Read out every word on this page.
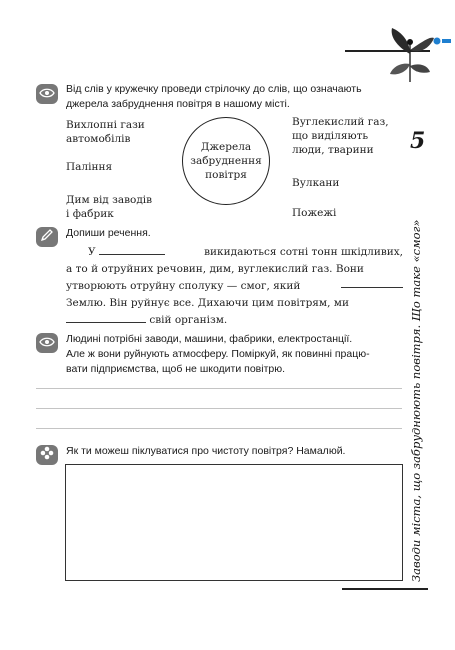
5
Заводи міста, що забруднюють повітря. Що таке «смог»
Від слів у кружечку проведи стрілочку до слів, що означають
джерела забруднення повітря в нашому місті.
Вихлопні гази
автомобілів
Паління
Дим від заводів
і фабрик
Джерела
забруднення
повітря
Вуглекислий газ,
що виділяють
люди, тварини
Вулкани
Пожежі
Допиши речення.
У	викидаються сотні тонн шкідливих,
а то й отруйних речовин, дим, вуглекислий газ. Вони
утворюють отруйну сполуку — смог, який
Землю. Він руйнує все. Дихаючи цим повітрям, ми
свій організм.
Людині потрібні заводи, машини, фабрики, електростанції.
Але ж вони руйнують атмосферу. Поміркуй, як повинні працю-
вати підприємства, щоб не шкодити повітрю.
Як ти можеш піклуватися про чистоту повітря? Намалюй.
